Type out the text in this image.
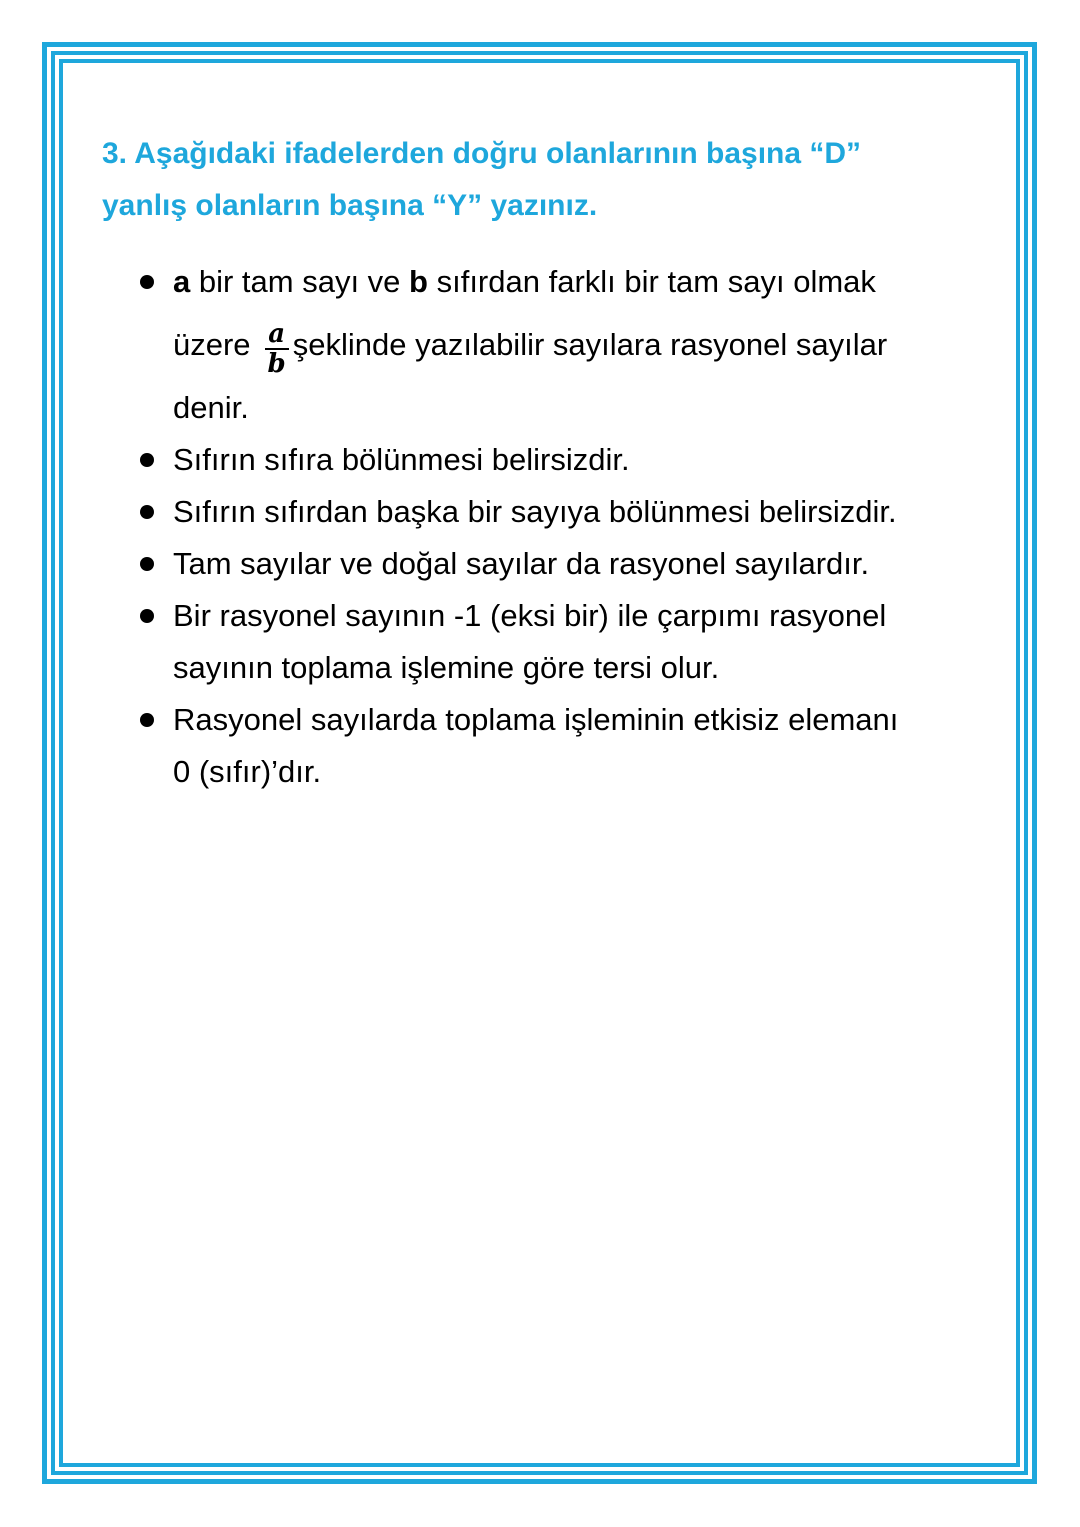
3. Aşağıdaki ifadelerden doğru olanlarının başına “D”
yanlış olanların başına “Y” yazınız.

a bir tam sayı ve b sıfırdan farklı bir tam sayı olmak
üzere $\frac{a}{b}$ şeklinde yazılabilir sayılara rasyonel sayılar
denir.
Sıfırın sıfıra bölünmesi belirsizdir.
Sıfırın sıfırdan başka bir sayıya bölünmesi belirsizdir.
Tam sayılar ve doğal sayılar da rasyonel sayılardır.
Bir rasyonel sayının -1 (eksi bir) ile çarpımı rasyonel
sayının toplama işlemine göre tersi olur.
Rasyonel sayılarda toplama işleminin etkisiz elemanı
0 (sıfır)’dır.
